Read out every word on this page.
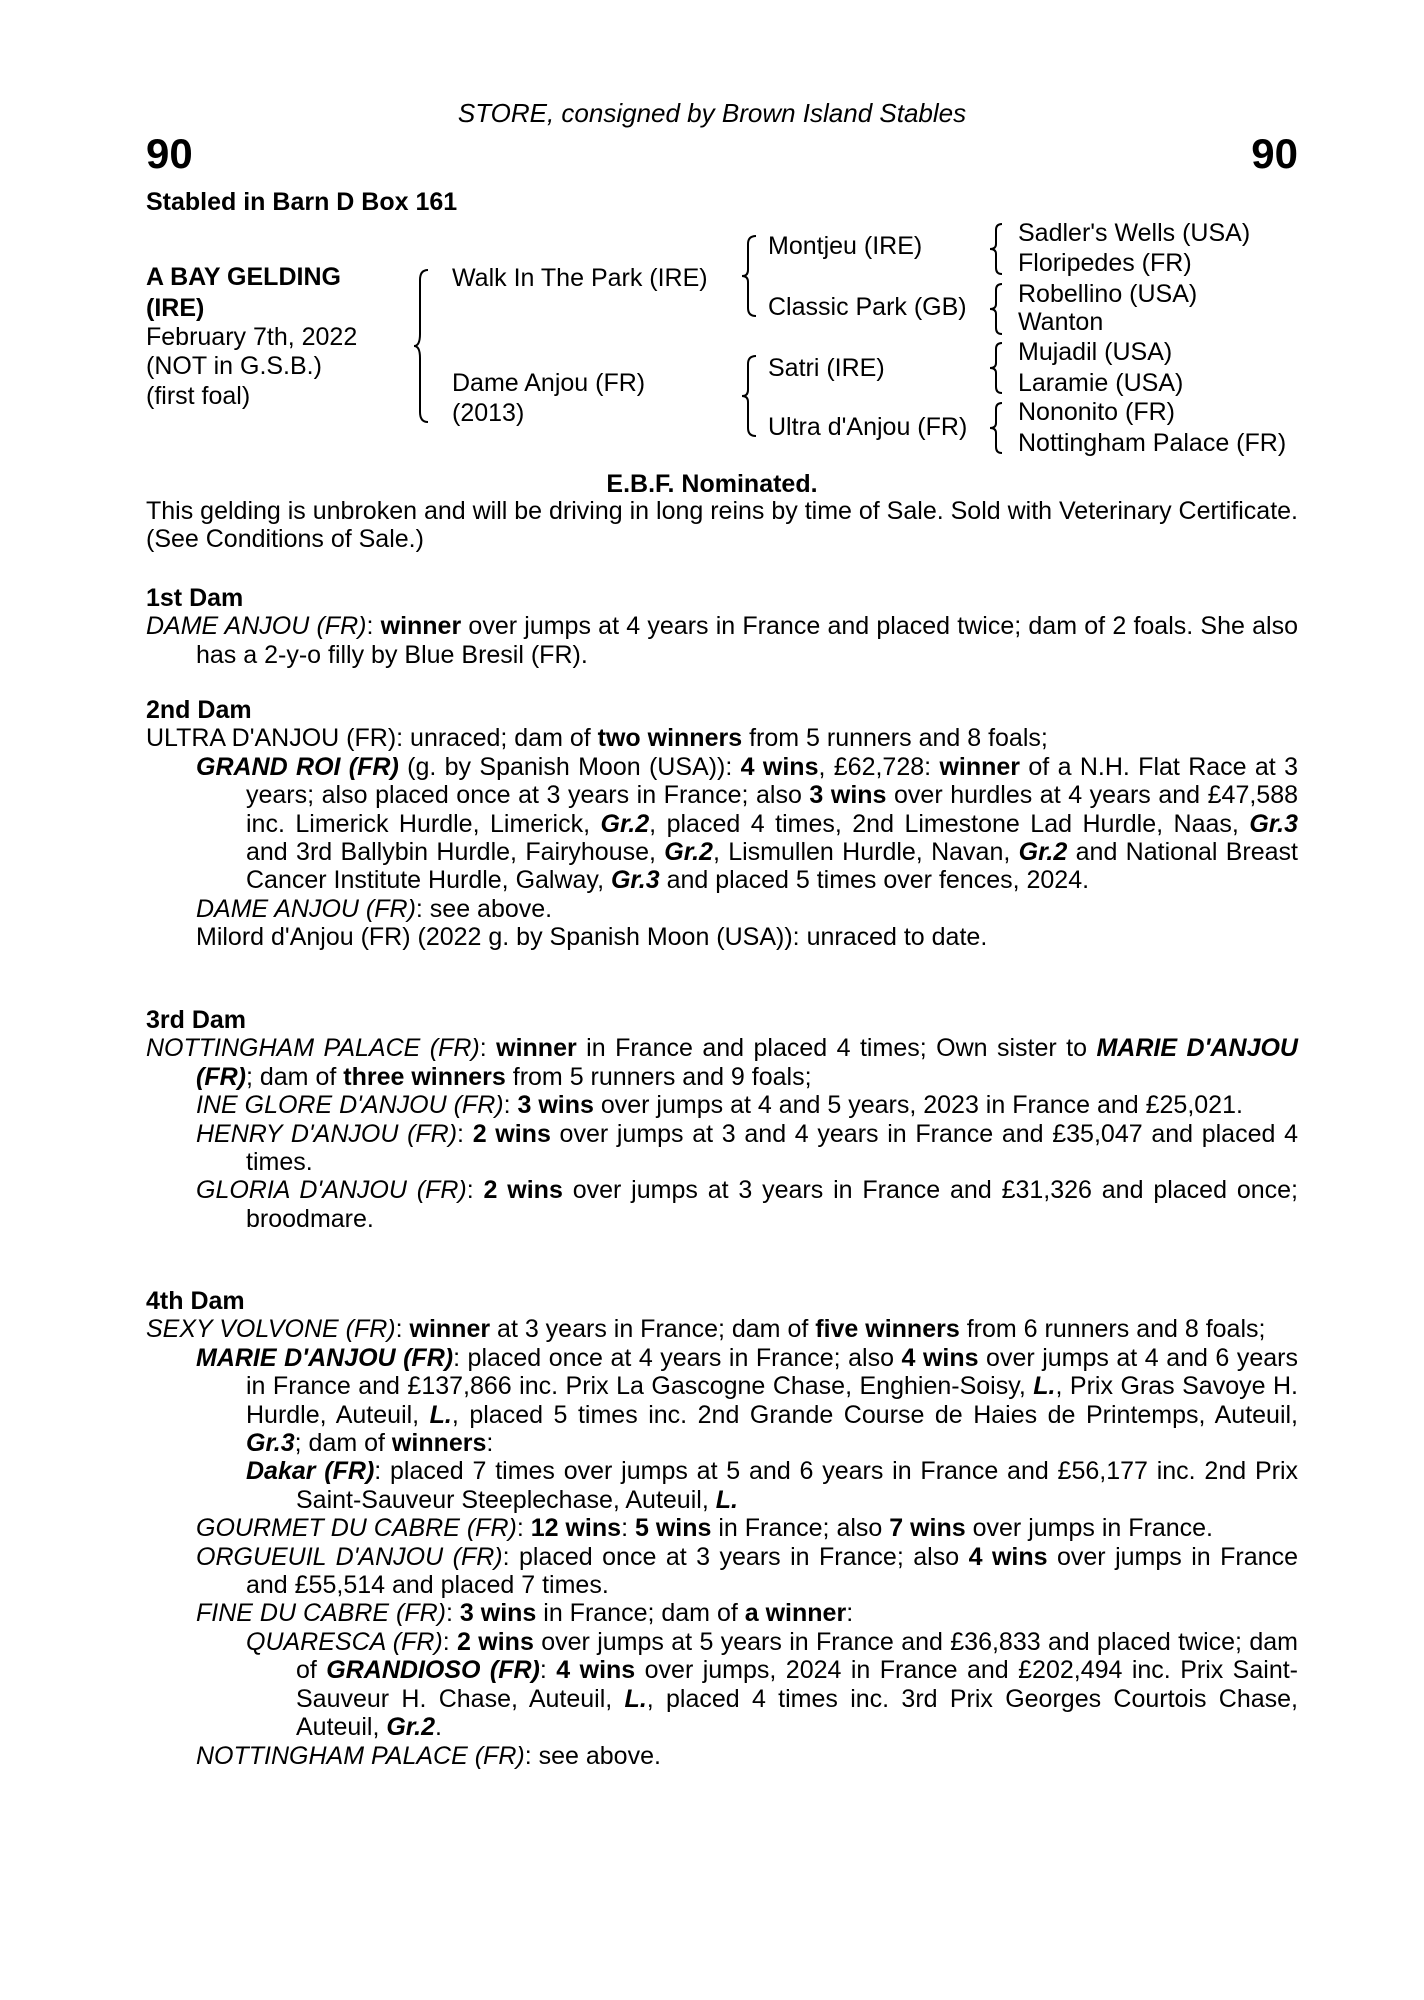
STORE, consigned by Brown Island Stables
90	90
Stabled in Barn D Box 161
A BAY GELDING
(IRE)
February 7th, 2022
(NOT in G.S.B.)
(first foal)
Walk In The Park (IRE)
Dame Anjou (FR)
(2013)
Montjeu (IRE)
Classic Park (GB)
Satri (IRE)
Ultra d'Anjou (FR)
Sadler's Wells (USA)
Floripedes (FR)
Robellino (USA)
Wanton
Mujadil (USA)
Laramie (USA)
Nononito (FR)
Nottingham Palace (FR)
E.B.F. Nominated.
This gelding is unbroken and will be driving in long reins by time of Sale. Sold with Veterinary Certificate. (See Conditions of Sale.)
1st Dam
DAME ANJOU (FR): winner over jumps at 4 years in France and placed twice; dam of 2 foals. She also has a 2-y-o filly by Blue Bresil (FR).
2nd Dam
ULTRA D'ANJOU (FR): unraced; dam of two winners from 5 runners and 8 foals;
GRAND ROI (FR) (g. by Spanish Moon (USA)): 4 wins, £62,728: winner of a N.H. Flat Race at 3 years; also placed once at 3 years in France; also 3 wins over hurdles at 4 years and £47,588 inc. Limerick Hurdle, Limerick, Gr.2, placed 4 times, 2nd Limestone Lad Hurdle, Naas, Gr.3 and 3rd Ballybin Hurdle, Fairyhouse, Gr.2, Lismullen Hurdle, Navan, Gr.2 and National Breast Cancer Institute Hurdle, Galway, Gr.3 and placed 5 times over fences, 2024.
DAME ANJOU (FR): see above.
Milord d'Anjou (FR) (2022 g. by Spanish Moon (USA)): unraced to date.
3rd Dam
NOTTINGHAM PALACE (FR): winner in France and placed 4 times; Own sister to MARIE D'ANJOU (FR); dam of three winners from 5 runners and 9 foals;
INE GLORE D'ANJOU (FR): 3 wins over jumps at 4 and 5 years, 2023 in France and £25,021.
HENRY D'ANJOU (FR): 2 wins over jumps at 3 and 4 years in France and £35,047 and placed 4 times.
GLORIA D'ANJOU (FR): 2 wins over jumps at 3 years in France and £31,326 and placed once; broodmare.
4th Dam
SEXY VOLVONE (FR): winner at 3 years in France; dam of five winners from 6 runners and 8 foals;
MARIE D'ANJOU (FR): placed once at 4 years in France; also 4 wins over jumps at 4 and 6 years in France and £137,866 inc. Prix La Gascogne Chase, Enghien-Soisy, L., Prix Gras Savoye H. Hurdle, Auteuil, L., placed 5 times inc. 2nd Grande Course de Haies de Printemps, Auteuil, Gr.3; dam of winners:
Dakar (FR): placed 7 times over jumps at 5 and 6 years in France and £56,177 inc. 2nd Prix Saint-Sauveur Steeplechase, Auteuil, L.
GOURMET DU CABRE (FR): 12 wins: 5 wins in France; also 7 wins over jumps in France.
ORGUEUIL D'ANJOU (FR): placed once at 3 years in France; also 4 wins over jumps in France and £55,514 and placed 7 times.
FINE DU CABRE (FR): 3 wins in France; dam of a winner:
QUARESCA (FR): 2 wins over jumps at 5 years in France and £36,833 and placed twice; dam of GRANDIOSO (FR): 4 wins over jumps, 2024 in France and £202,494 inc. Prix Saint-Sauveur H. Chase, Auteuil, L., placed 4 times inc. 3rd Prix Georges Courtois Chase, Auteuil, Gr.2.
NOTTINGHAM PALACE (FR): see above.
